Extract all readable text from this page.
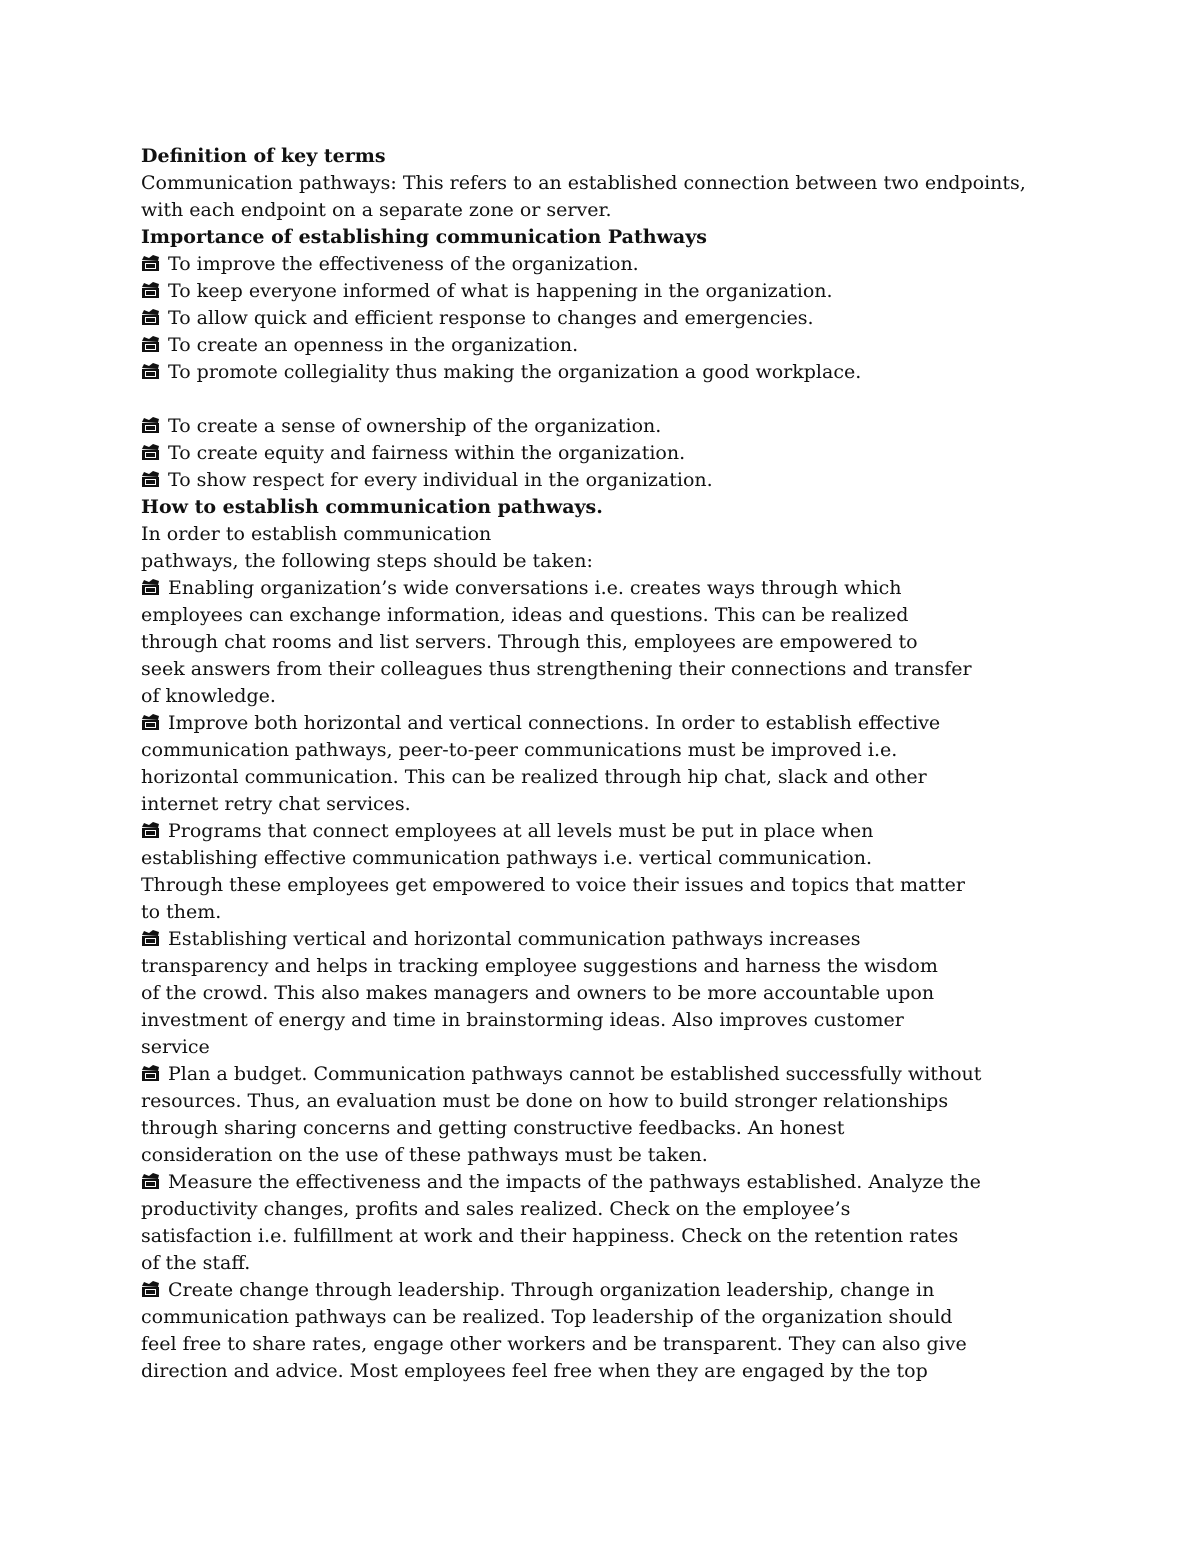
Definition of key terms
Communication pathways: This refers to an established connection between two endpoints,
with each endpoint on a separate zone or server.
Importance of establishing communication Pathways
To improve the effectiveness of the organization.
To keep everyone informed of what is happening in the organization.
To allow quick and efficient response to changes and emergencies.
To create an openness in the organization.
To promote collegiality thus making the organization a good workplace.
To create a sense of ownership of the organization.
To create equity and fairness within the organization.
To show respect for every individual in the organization.
How to establish communication pathways.
In order to establish communication
pathways, the following steps should be taken:
Enabling organization’s wide conversations i.e. creates ways through which
employees can exchange information, ideas and questions. This can be realized
through chat rooms and list servers. Through this, employees are empowered to
seek answers from their colleagues thus strengthening their connections and transfer
of knowledge.
Improve both horizontal and vertical connections. In order to establish effective
communication pathways, peer-to-peer communications must be improved i.e.
horizontal communication. This can be realized through hip chat, slack and other
internet retry chat services.
Programs that connect employees at all levels must be put in place when
establishing effective communication pathways i.e. vertical communication.
Through these employees get empowered to voice their issues and topics that matter
to them.
Establishing vertical and horizontal communication pathways increases
transparency and helps in tracking employee suggestions and harness the wisdom
of the crowd. This also makes managers and owners to be more accountable upon
investment of energy and time in brainstorming ideas. Also improves customer
service
Plan a budget. Communication pathways cannot be established successfully without
resources. Thus, an evaluation must be done on how to build stronger relationships
through sharing concerns and getting constructive feedbacks. An honest
consideration on the use of these pathways must be taken.
Measure the effectiveness and the impacts of the pathways established. Analyze the
productivity changes, profits and sales realized. Check on the employee’s
satisfaction i.e. fulfillment at work and their happiness. Check on the retention rates
of the staff.
Create change through leadership. Through organization leadership, change in
communication pathways can be realized. Top leadership of the organization should
feel free to share rates, engage other workers and be transparent. They can also give
direction and advice. Most employees feel free when they are engaged by the top
